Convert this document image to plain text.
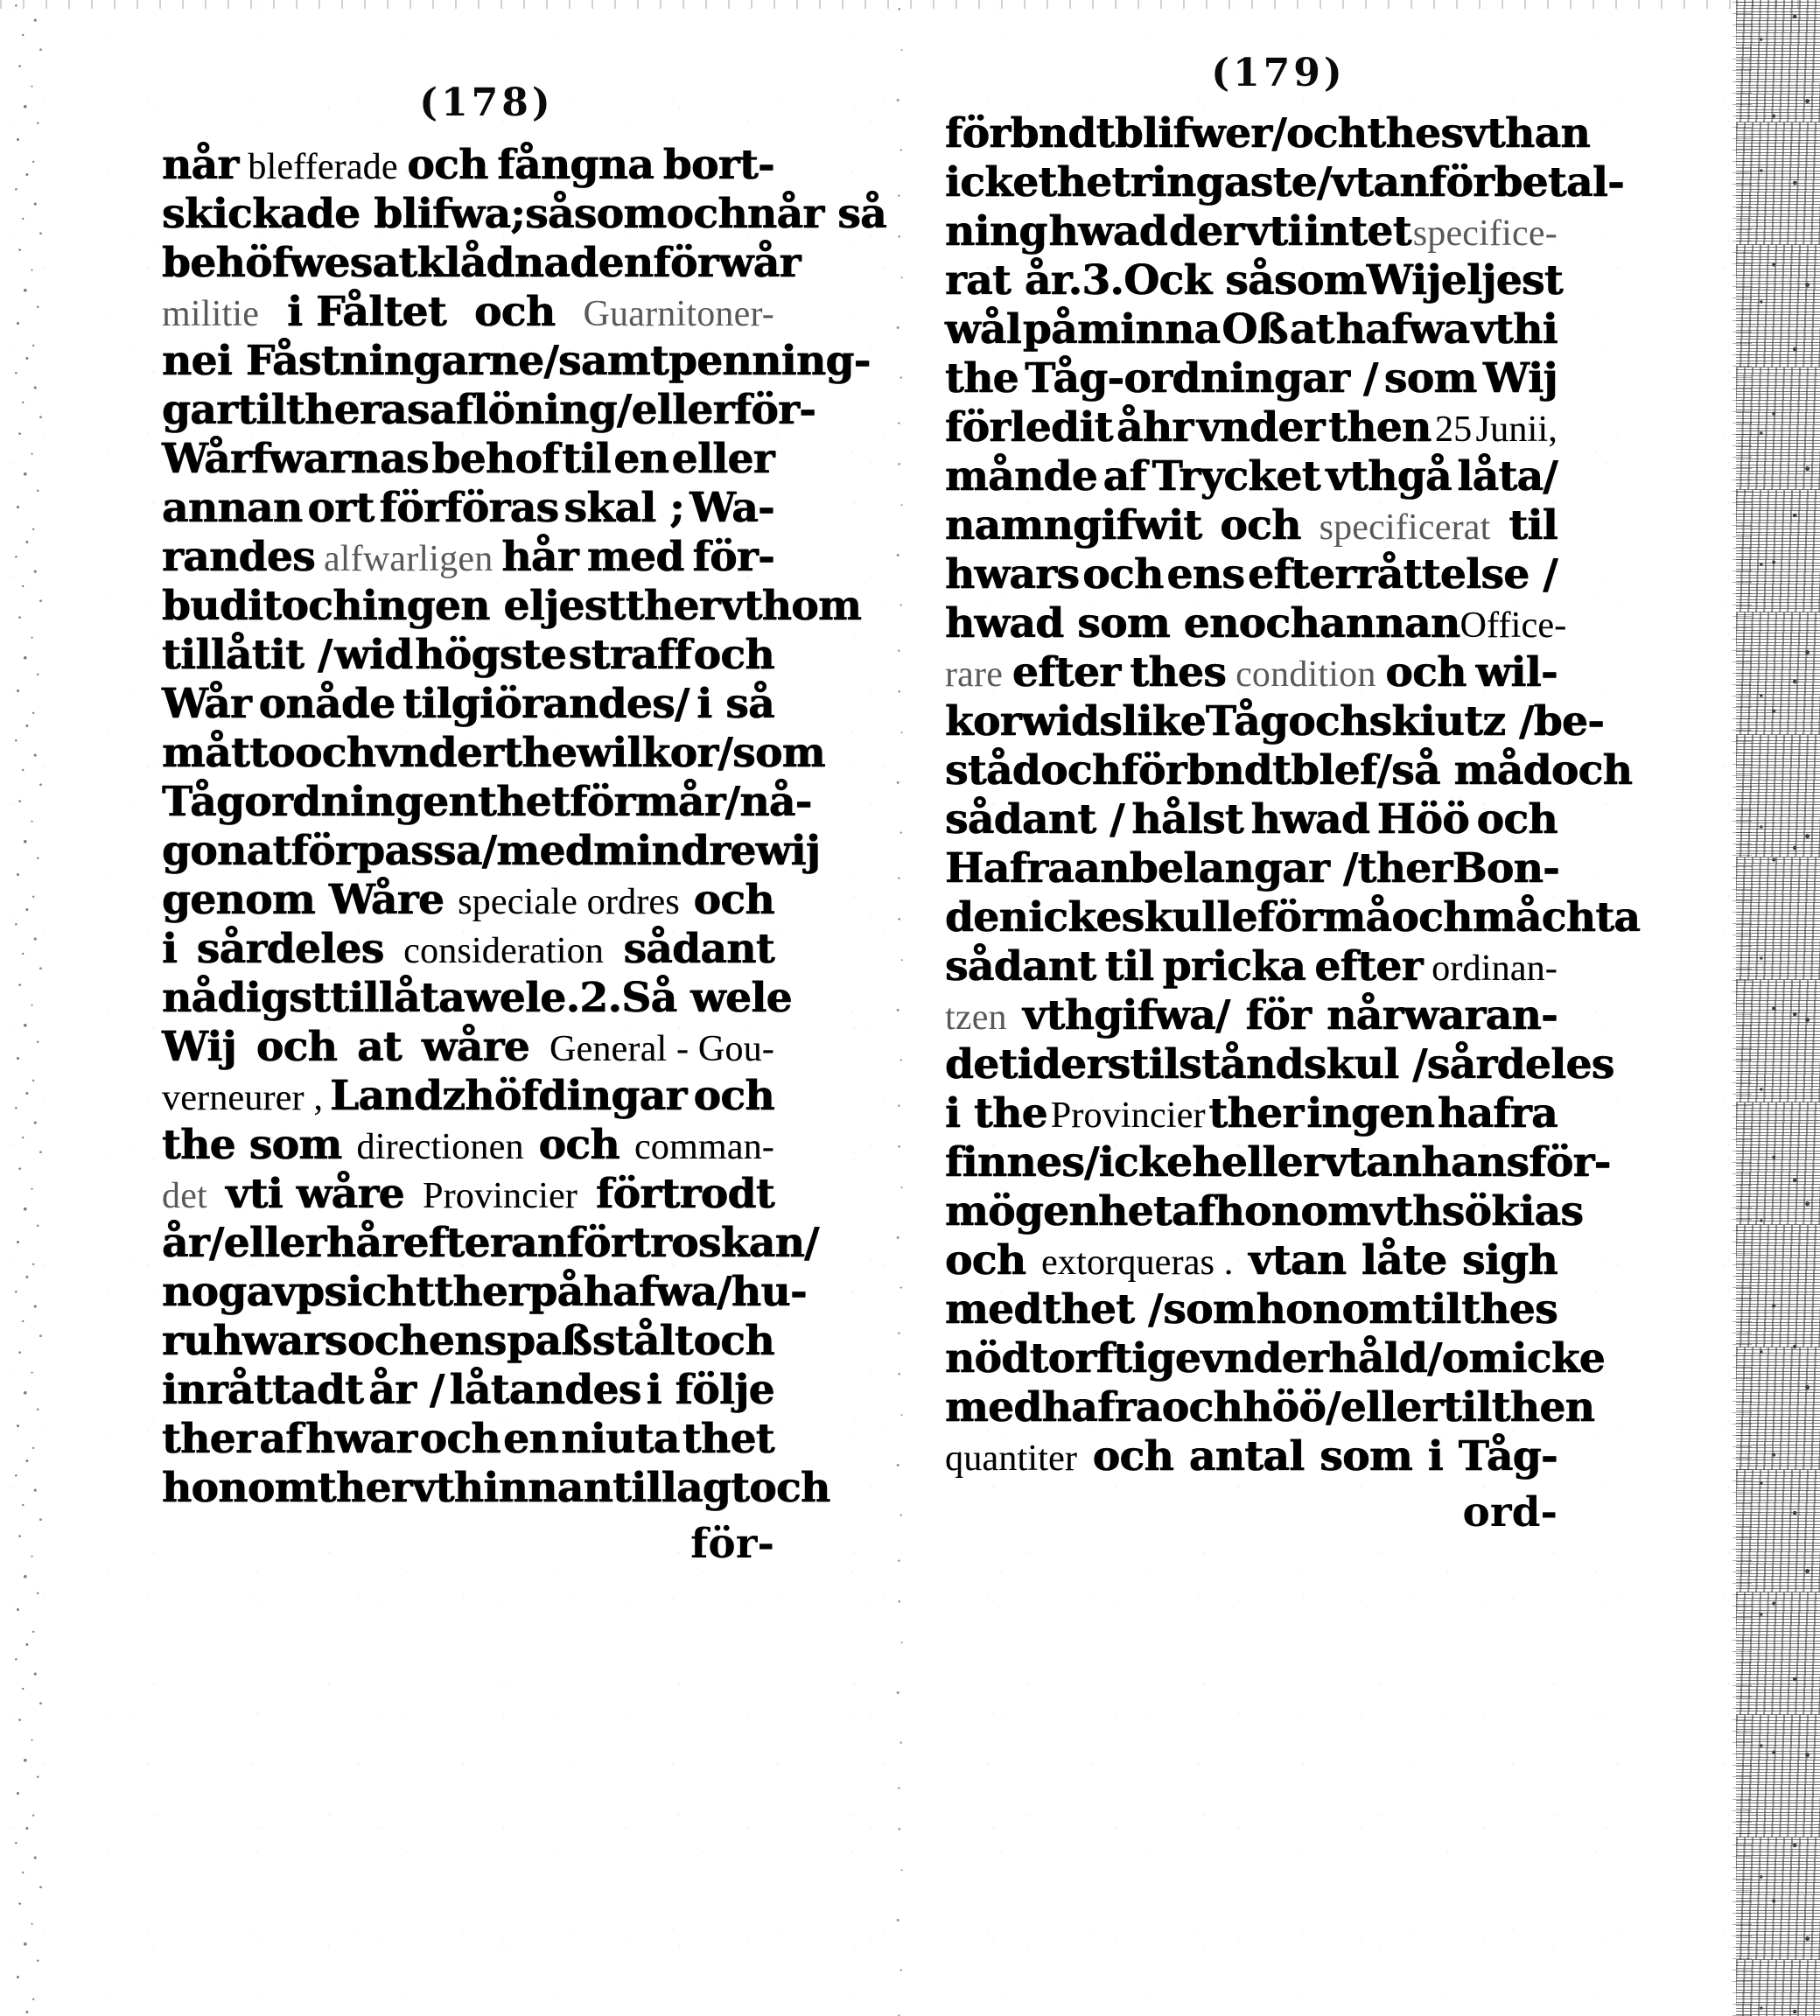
(178)
når blefferade och fångna bort-
skickade blifwa; såsom och når så
behöfwes at klådnaden för wår
militie i Fåltet och Guarnitoner-
ne i Fåstningarne/ samt penning-
gar til theras aflöning/ eller för-
Wårfwarnas behof til en eller
annan ort förföras skal ; Wa-
randes alfwarligen hår med för-
budit och ingen eljest ther vthom
tillåtit / wid högste straff och
Wår onåde tilgiörandes/ i så
måtto och vnder the wilkor/ som
Tågordningen thet förmår/ nå-
gon at förpassa/ med mindre wij
genom Wåre speciale ordres och
i sårdeles consideration sådant
nådigst tillåta wele. 2. Så wele
Wij och at wåre General - Gou-
verneurer , Landzhöfdingar och
the som directionen och comman-
det vti wåre Provincier förtrodt
år/ eller hår efter anförtros kan/
noga vpsicht ther på hafwa/ hu-
ru hwars och ens paß stålt och
inråttadt år / låtandes i följe
ther af hwar och en niuta thet
honom ther vthinnan tillagt och
för-
(179)
förbndt blifwer/ och thes vthan
icke thet ringaste/ vtan för betal-
ning hwad der vti intet specifice-
rat år. 3. Ock såsom Wij eljest
wål påminna Oß at hafwa vthi
the Tåg-ordningar / som Wij
förledit åhr vnder then 25 Junii,
månde af Trycket vthgå låta/
namngifwit och specificerat til
hwars och ens efterråttelse /
hwad som en och annan Office-
rare efter thes condition och wil-
kor wid slike Tåg och skiutz / be-
ståd och förbndt blef/ så må doch
sådant / hålst hwad Höö och
Hafra anbelangar / ther Bon-
den icke skulle förmå och måchta
sådant til pricka efter ordinan-
tzen vthgifwa/ för nårwaran-
de tiders tilstånd skul / sårdeles
i the Provincier ther ingen hafra
finnes/ icke heller vtan hans för-
mögenhet af honom vthsökias
och extorqueras . vtan låte sigh
med thet / som honom til thes
nödtorftige vnderhåld/ om icke
med hafra och höö/ eller til then
quantiter och antal som i Tåg-
ord-
